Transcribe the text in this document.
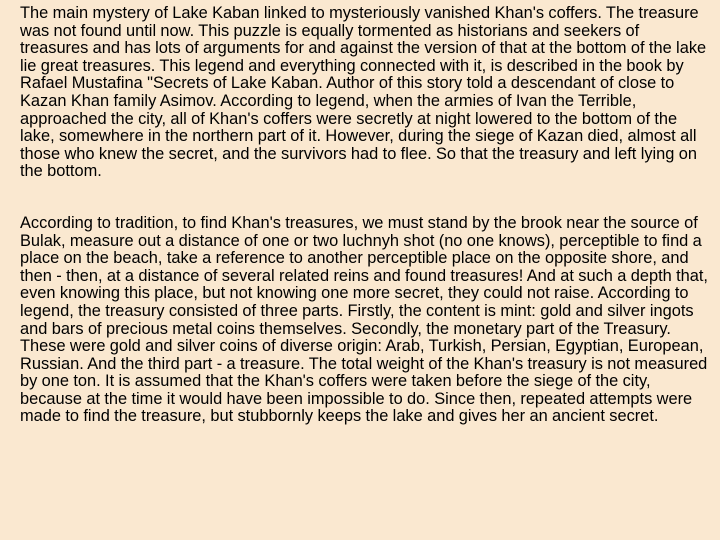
The main mystery of Lake Kaban linked to mysteriously vanished Khan's coffers. The treasure was not found until now. This puzzle is equally tormented as historians and seekers of treasures and has lots of arguments for and against the version of that at the bottom of the lake lie great treasures. This legend and everything connected with it, is described in the book by Rafael Mustafina "Secrets of Lake Kaban. Author of this story told a descendant of close to Kazan Khan family Asimov. According to legend, when the armies of Ivan the Terrible, approached the city, all of Khan's coffers were secretly at night lowered to the bottom of the lake, somewhere in the northern part of it. However, during the siege of Kazan died, almost all those who knew the secret, and the survivors had to flee. So that the treasury and left lying on the bottom.

According to tradition, to find Khan's treasures, we must stand by the brook near the source of Bulak, measure out a distance of one or two luchnyh shot (no one knows), perceptible to find a place on the beach, take a reference to another perceptible place on the opposite shore, and then - then, at a distance of several related reins and found treasures! And at such a depth that, even knowing this place, but not knowing one more secret, they could not raise. According to legend, the treasury consisted of three parts. Firstly, the content is mint: gold and silver ingots and bars of precious metal coins themselves. Secondly, the monetary part of the Treasury. These were gold and silver coins of diverse origin: Arab, Turkish, Persian, Egyptian, European, Russian. And the third part - a treasure. The total weight of the Khan's treasury is not measured by one ton. It is assumed that the Khan's coffers were taken before the siege of the city, because at the time it would have been impossible to do. Since then, repeated attempts were made to find the treasure, but stubbornly keeps the lake and gives her an ancient secret.
